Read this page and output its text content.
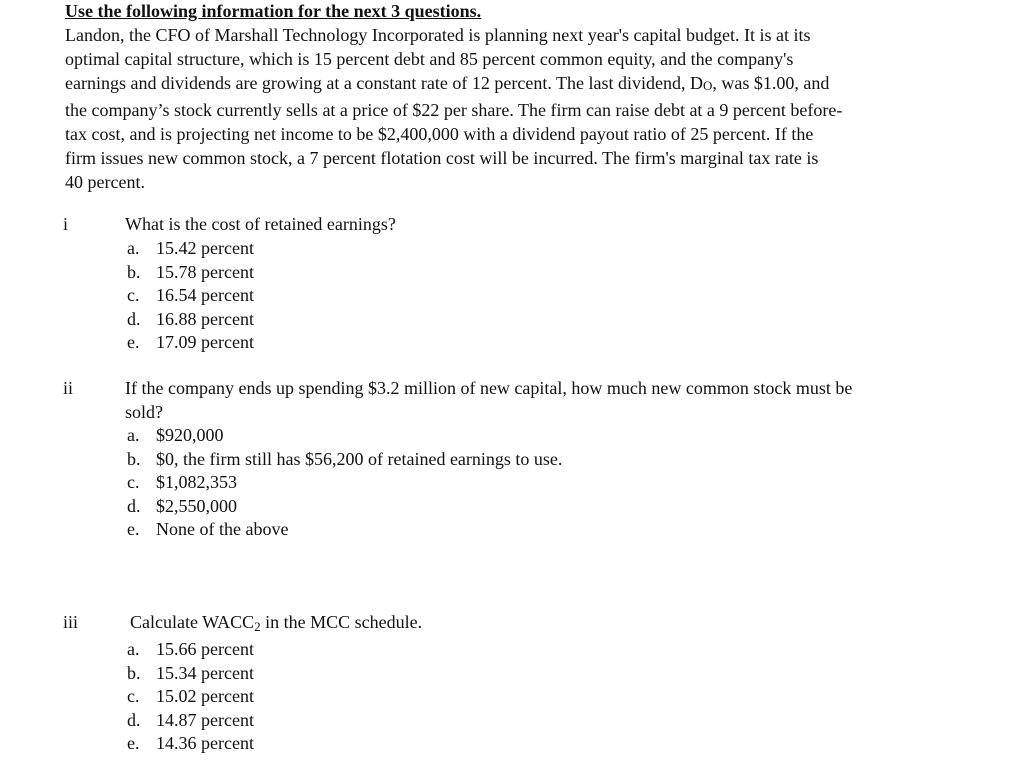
Use the following information for the next 3 questions.
Landon, the CFO of Marshall Technology Incorporated is planning next year's capital budget. It is at its
optimal capital structure, which is 15 percent debt and 85 percent common equity, and the company's
earnings and dividends are growing at a constant rate of 12 percent. The last dividend, DO, was $1.00, and
the company’s stock currently sells at a price of $22 per share. The firm can raise debt at a 9 percent before-
tax cost, and is projecting net income to be $2,400,000 with a dividend payout ratio of 25 percent. If the
firm issues new common stock, a 7 percent flotation cost will be incurred. The firm's marginal tax rate is
40 percent.
i	What is the cost of retained earnings?
a. 15.42 percent
b. 15.78 percent
c. 16.54 percent
d. 16.88 percent
e. 17.09 percent
ii	If the company ends up spending $3.2 million of new capital, how much new common stock must be
sold?
a. $920,000
b. $0, the firm still has $56,200 of retained earnings to use.
c. $1,082,353
d. $2,550,000
e. None of the above
iii	Calculate WACC2 in the MCC schedule.
a. 15.66 percent
b. 15.34 percent
c. 15.02 percent
d. 14.87 percent
e. 14.36 percent
